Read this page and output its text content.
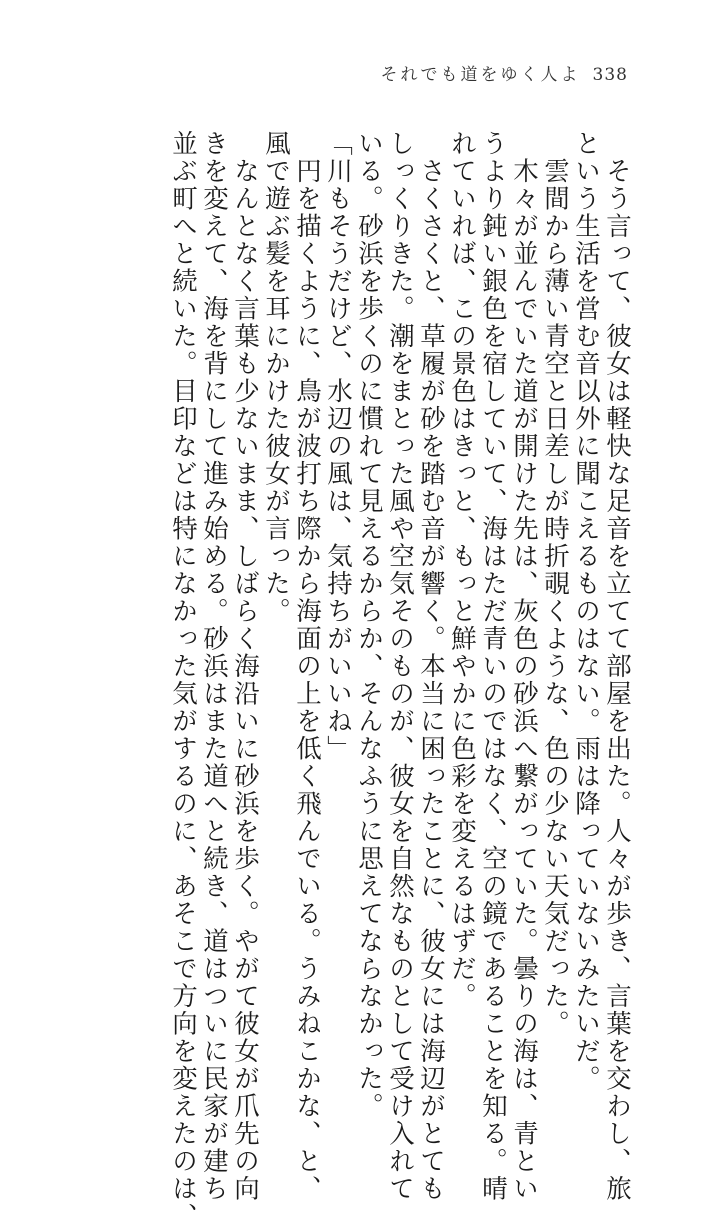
それでも道をゆく人よ 338

　そう言って、彼女は軽快な足音を立てて部屋を出た。人々が歩き、言葉を交わし、旅

という生活を営む音以外に聞こえるものはない。雨は降っていないみたいだ。

　雲間から薄い青空と日差しが時折覗くような、色の少ない天気だった。

　木々が並んでいた道が開けた先は、灰色の砂浜へ繋がっていた。曇りの海は、青とい

うより鈍い銀色を宿していて、海はただ青いのではなく、空の鏡であることを知る。晴

れていれば、この景色はきっと、もっと鮮やかに色彩を変えるはずだ。

　さくさくと、草履が砂を踏む音が響く。本当に困ったことに、彼女には海辺がとても

しっくりきた。潮をまとった風や空気そのものが、彼女を自然なものとして受け入れて

いる。砂浜を歩くのに慣れて見えるからか、そんなふうに思えてならなかった。

「川もそうだけど、水辺の風は、気持ちがいいね」

　円を描くように、鳥が波打ち際から海面の上を低く飛んでいる。うみねこかな、と、

風で遊ぶ髪を耳にかけた彼女が言った。

　なんとなく言葉も少ないまま、しばらく海沿いに砂浜を歩く。やがて彼女が爪先の向

きを変えて、海を背にして進み始める。砂浜はまた道へと続き、道はついに民家が建ち

並ぶ町へと続いた。目印などは特になかった気がするのに、あそこで方向を変えたのは、
